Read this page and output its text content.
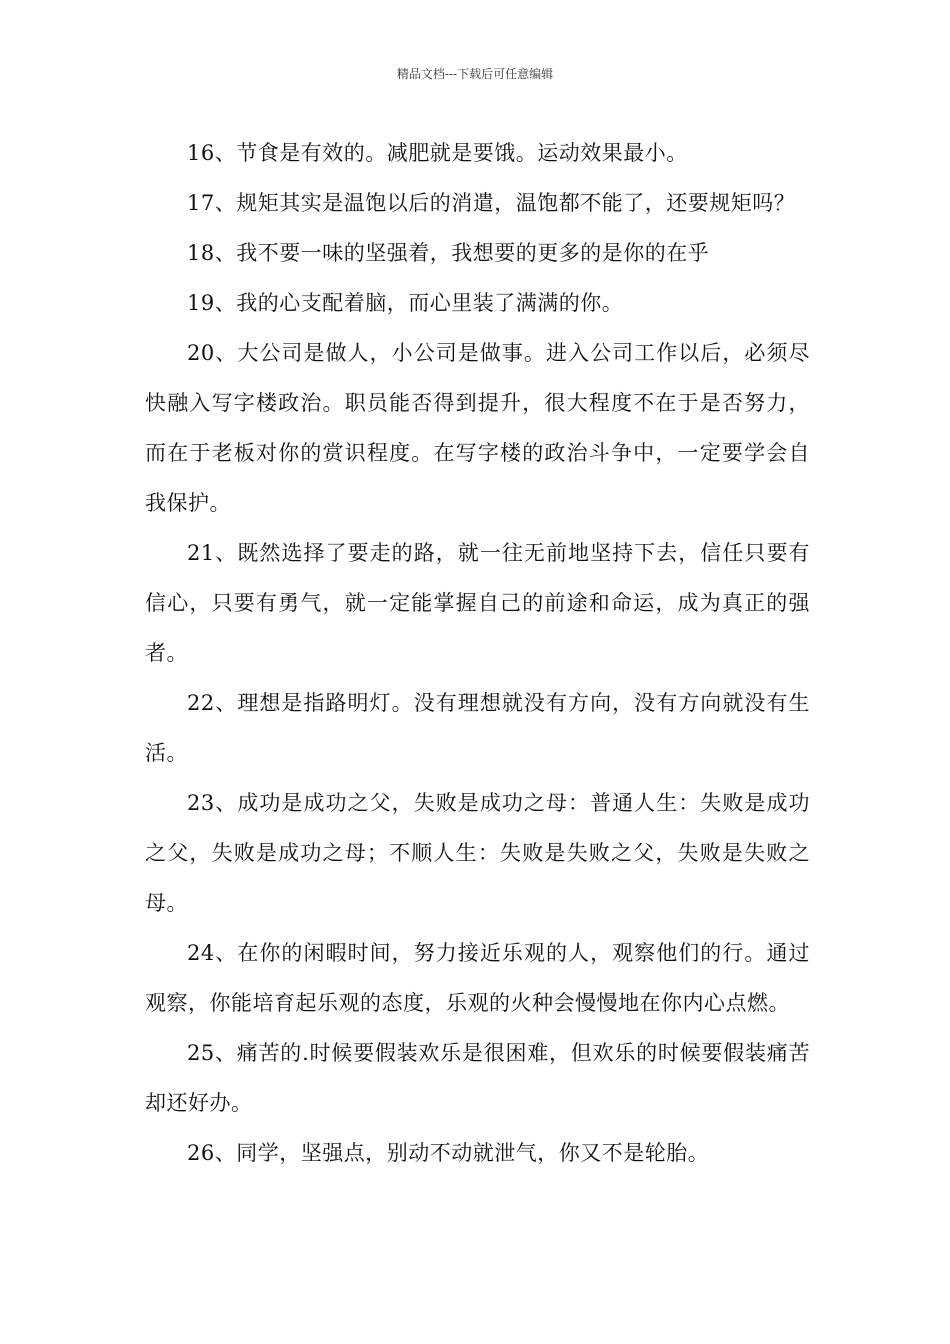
精品文档---下载后可任意编辑

16、节食是有效的。减肥就是要饿。运动效果最小。

17、规矩其实是温饱以后的消遣，温饱都不能了，还要规矩吗？

18、我不要一味的坚强着，我想要的更多的是你的在乎

19、我的心支配着脑，而心里装了满满的你。

20、大公司是做人，小公司是做事。进入公司工作以后，必须尽快融入写字楼政治。职员能否得到提升，很大程度不在于是否努力，而在于老板对你的赏识程度。在写字楼的政治斗争中，一定要学会自我保护。

21、既然选择了要走的路，就一往无前地坚持下去，信任只要有信心，只要有勇气，就一定能掌握自己的前途和命运，成为真正的强者。

22、理想是指路明灯。没有理想就没有方向，没有方向就没有生活。

23、成功是成功之父，失败是成功之母：普通人生：失败是成功之父，失败是成功之母；不顺人生：失败是失败之父，失败是失败之母。

24、在你的闲暇时间，努力接近乐观的人，观察他们的行。通过观察，你能培育起乐观的态度，乐观的火种会慢慢地在你内心点燃。

25、痛苦的.时候要假装欢乐是很困难，但欢乐的时候要假装痛苦却还好办。

26、同学，坚强点，别动不动就泄气，你又不是轮胎。
